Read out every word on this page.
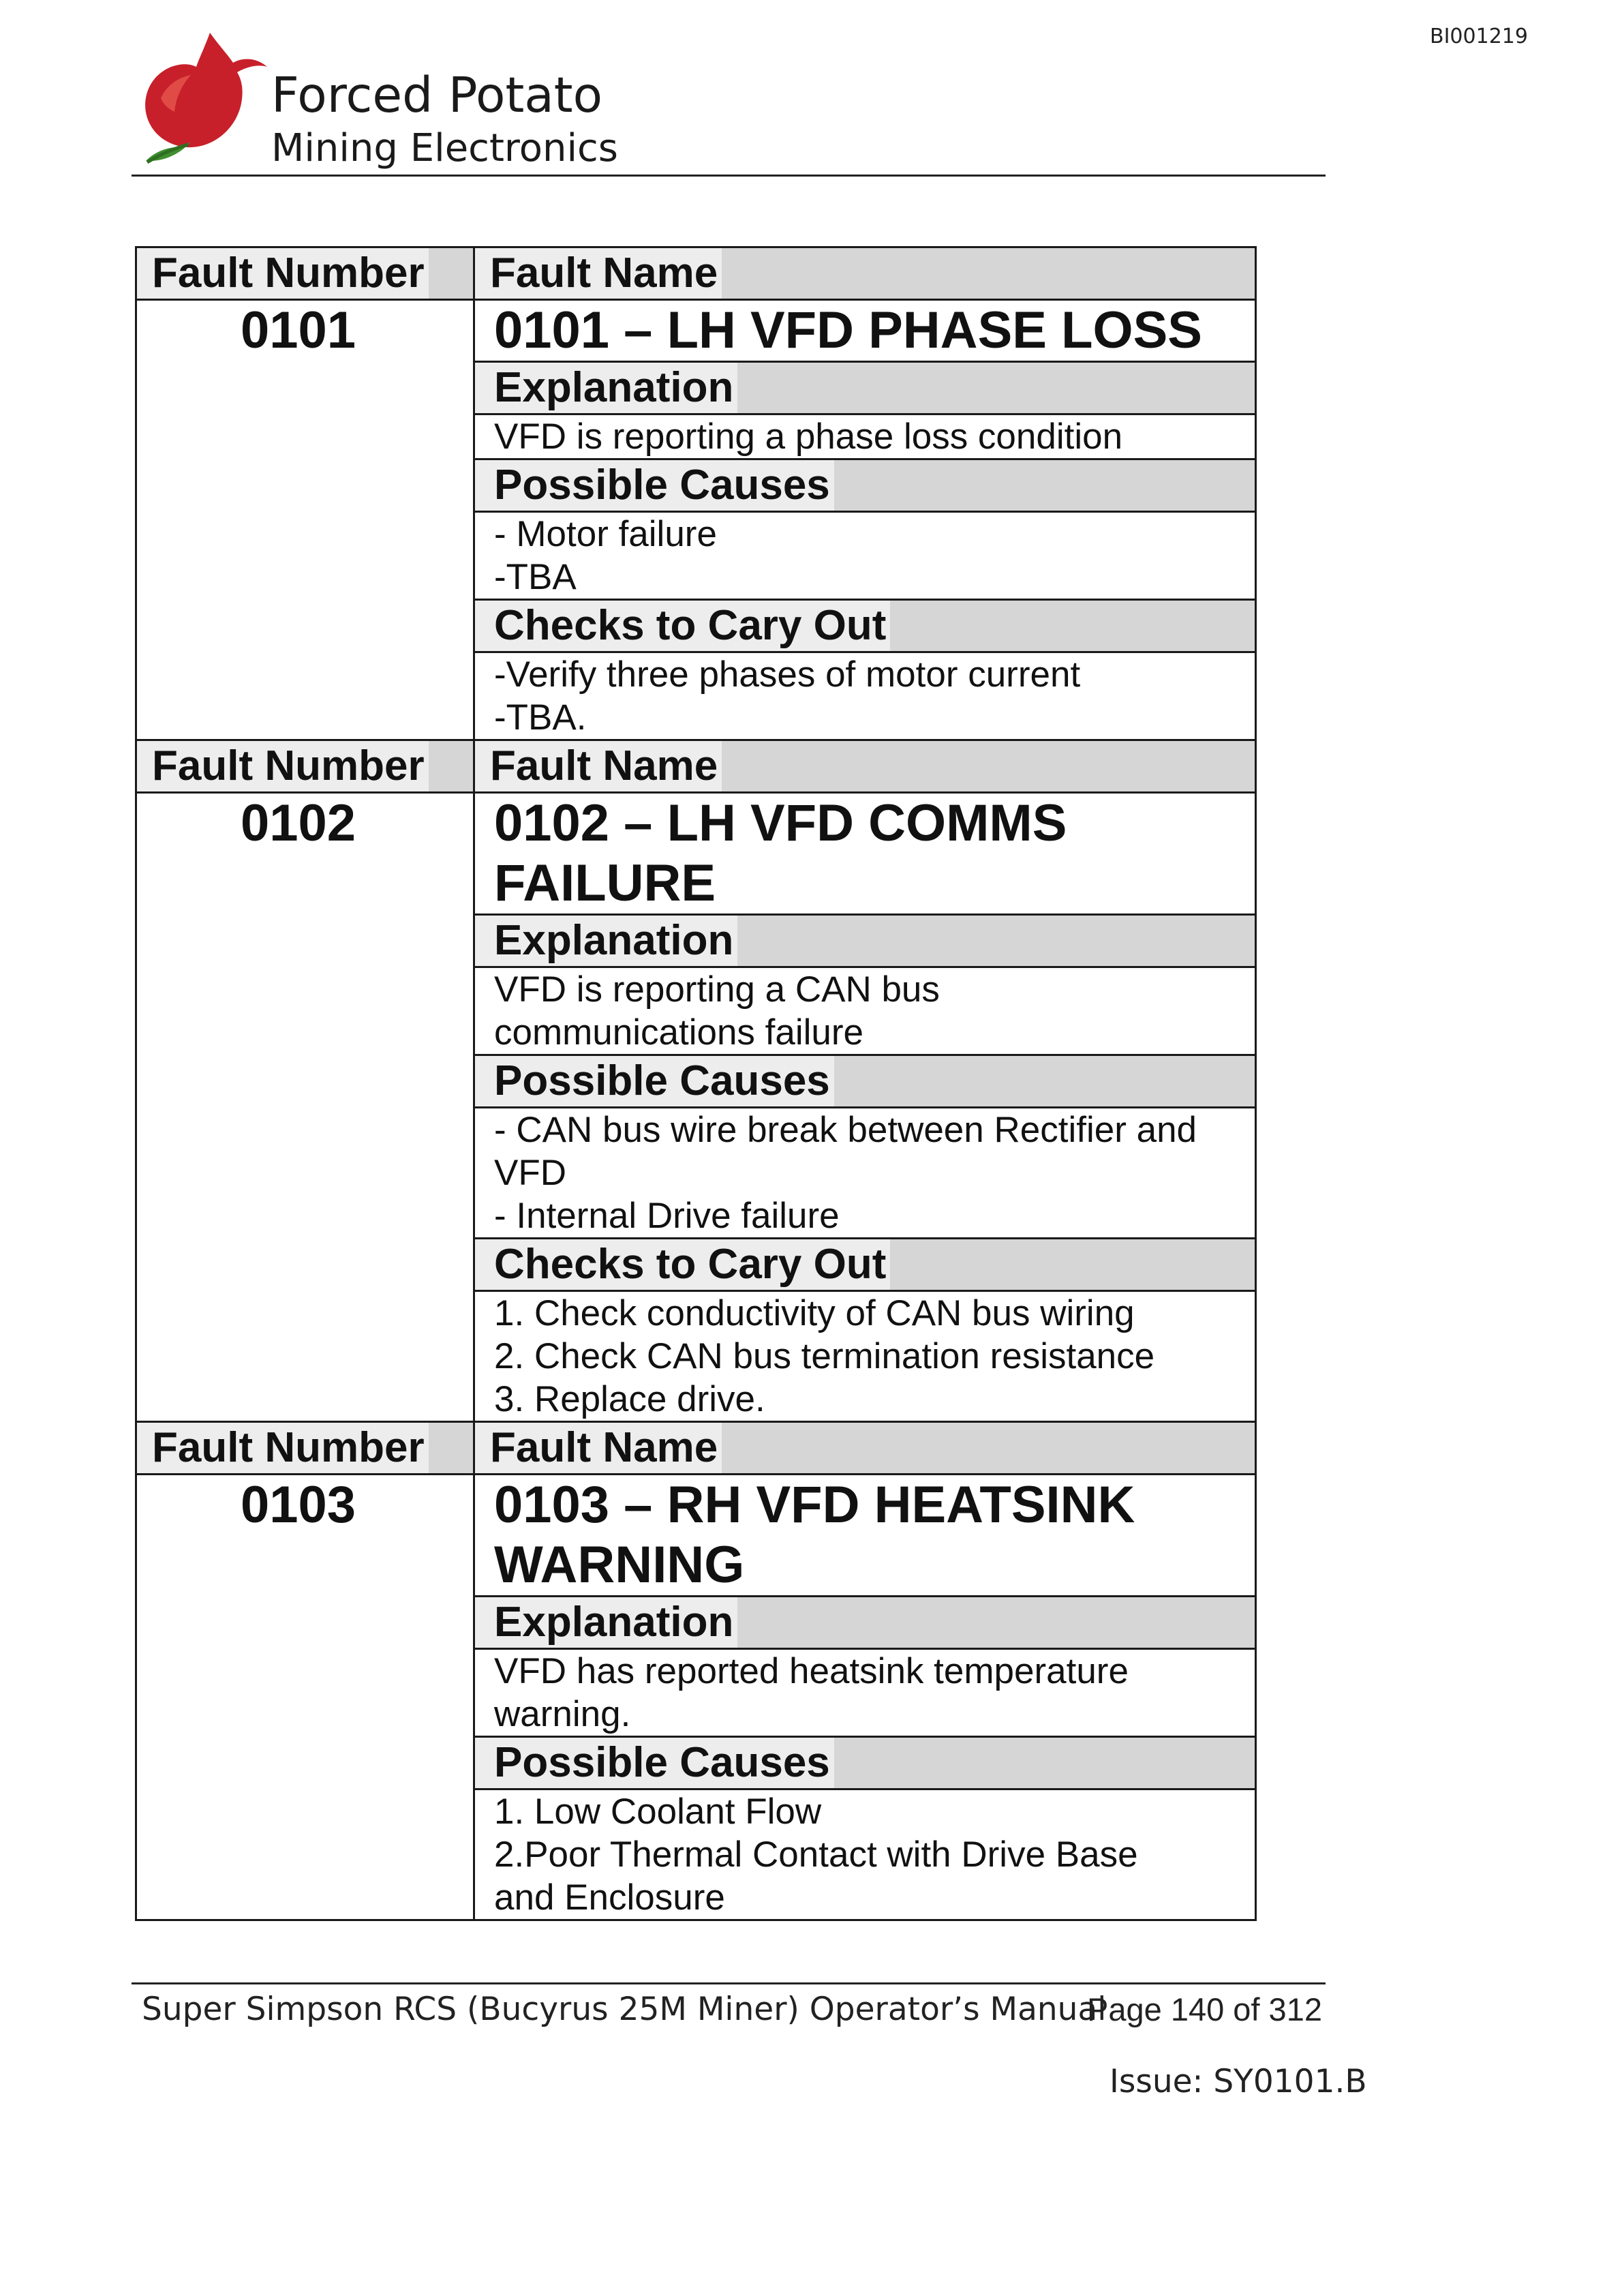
BI001219
Forced Potato
Mining Electronics
Fault Number	Fault Name

0101	0101 – LH VFD PHASE LOSS

	Explanation

	VFD is reporting a phase loss condition

	Possible Causes

	- Motor failure
-TBA

	Checks to Cary Out

	-Verify three phases of motor current
-TBA.

Fault Number	Fault Name

0102	0102 – LH VFD COMMS
FAILURE

	Explanation

	VFD is reporting a CAN bus
communications failure

	Possible Causes

	- CAN bus wire break between Rectifier and
VFD
- Internal Drive failure

	Checks to Cary Out

	1. Check conductivity of CAN bus wiring
2. Check CAN bus termination resistance
3. Replace drive.

Fault Number	Fault Name

0103	0103 – RH VFD HEATSINK
WARNING

	Explanation

	VFD has reported heatsink temperature
warning.

	Possible Causes

	1. Low Coolant Flow
2.Poor Thermal Contact with Drive Base
and Enclosure
Super Simpson RCS (Bucyrus 25M Miner) Operator’s Manual
Page 140 of 312
Issue: SY0101.B
